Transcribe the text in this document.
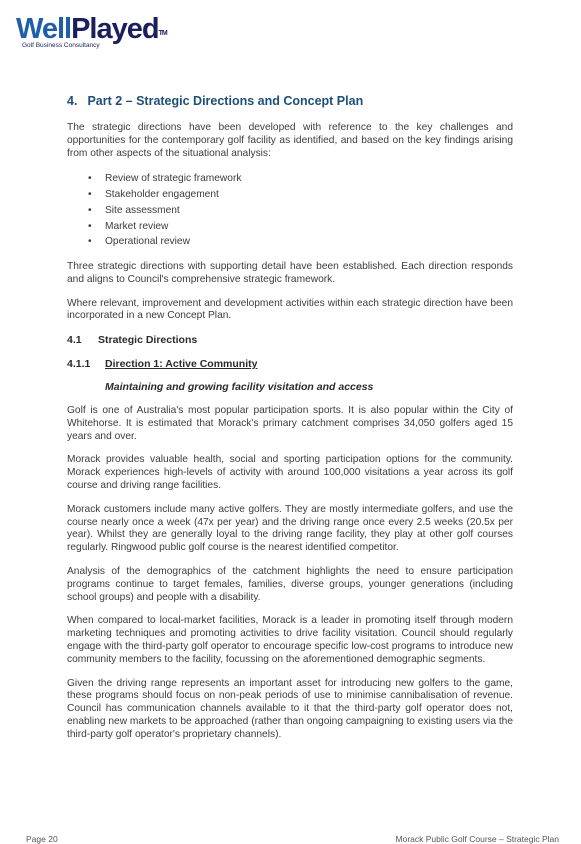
WellPlayed™
Golf Business Consultancy
4. Part 2 – Strategic Directions and Concept Plan

The strategic directions have been developed with reference to the key challenges and opportunities for the contemporary golf facility as identified, and based on the key findings arising from other aspects of the situational analysis:

• Review of strategic framework
• Stakeholder engagement
• Site assessment
• Market review
• Operational review

Three strategic directions with supporting detail have been established. Each direction responds and aligns to Council's comprehensive strategic framework.

Where relevant, improvement and development activities within each strategic direction have been incorporated in a new Concept Plan.

4.1 Strategic Directions
4.1.1 Direction 1: Active Community
Maintaining and growing facility visitation and access

Golf is one of Australia's most popular participation sports. It is also popular within the City of Whitehorse. It is estimated that Morack's primary catchment comprises 34,050 golfers aged 15 years and over.

Morack provides valuable health, social and sporting participation options for the community. Morack experiences high-levels of activity with around 100,000 visitations a year across its golf course and driving range facilities.

Morack customers include many active golfers. They are mostly intermediate golfers, and use the course nearly once a week (47x per year) and the driving range once every 2.5 weeks (20.5x per year). Whilst they are generally loyal to the driving range facility, they play at other golf courses regularly. Ringwood public golf course is the nearest identified competitor.

Analysis of the demographics of the catchment highlights the need to ensure participation programs continue to target females, families, diverse groups, younger generations (including school groups) and people with a disability.

When compared to local-market facilities, Morack is a leader in promoting itself through modern marketing techniques and promoting activities to drive facility visitation. Council should regularly engage with the third-party golf operator to encourage specific low-cost programs to introduce new community members to the facility, focussing on the aforementioned demographic segments.

Given the driving range represents an important asset for introducing new golfers to the game, these programs should focus on non-peak periods of use to minimise cannibalisation of revenue. Council has communication channels available to it that the third-party golf operator does not, enabling new markets to be approached (rather than ongoing campaigning to existing users via the third-party golf operator's proprietary channels).

Page 20	Morack Public Golf Course – Strategic Plan
